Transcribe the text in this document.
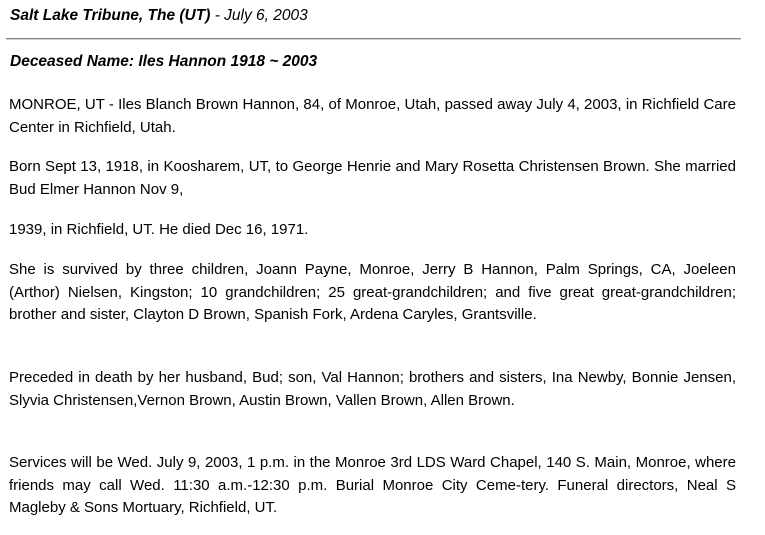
Salt Lake Tribune, The (UT) - July 6, 2003
Deceased Name: Iles Hannon 1918 ~ 2003

MONROE, UT - Iles Blanch Brown Hannon, 84, of Monroe, Utah, passed away July 4, 2003, in Richfield Care Center in Richfield, Utah.

Born Sept 13, 1918, in Koosharem, UT, to George Henrie and Mary Rosetta Christensen Brown. She married Bud Elmer Hannon Nov 9,

1939, in Richfield, UT. He died Dec 16, 1971.

She is survived by three children, Joann Payne, Monroe, Jerry B Hannon, Palm Springs, CA, Joeleen (Arthor) Nielsen, Kingston; 10 grandchildren; 25 great-grandchildren; and five great great-grandchildren; brother and sister, Clayton D Brown, Spanish Fork, Ardena Caryles, Grantsville.

Preceded in death by her husband, Bud; son, Val Hannon; brothers and sisters, Ina Newby, Bonnie Jensen, Slyvia Christensen,Vernon Brown, Austin Brown, Vallen Brown, Allen Brown.

Services will be Wed. July 9, 2003, 1 p.m. in the Monroe 3rd LDS Ward Chapel, 140 S. Main, Monroe, where friends may call Wed. 11:30 a.m.-12:30 p.m. Burial Monroe City Ceme-tery. Funeral directors, Neal S Magleby & Sons Mortuary, Richfield, UT.
